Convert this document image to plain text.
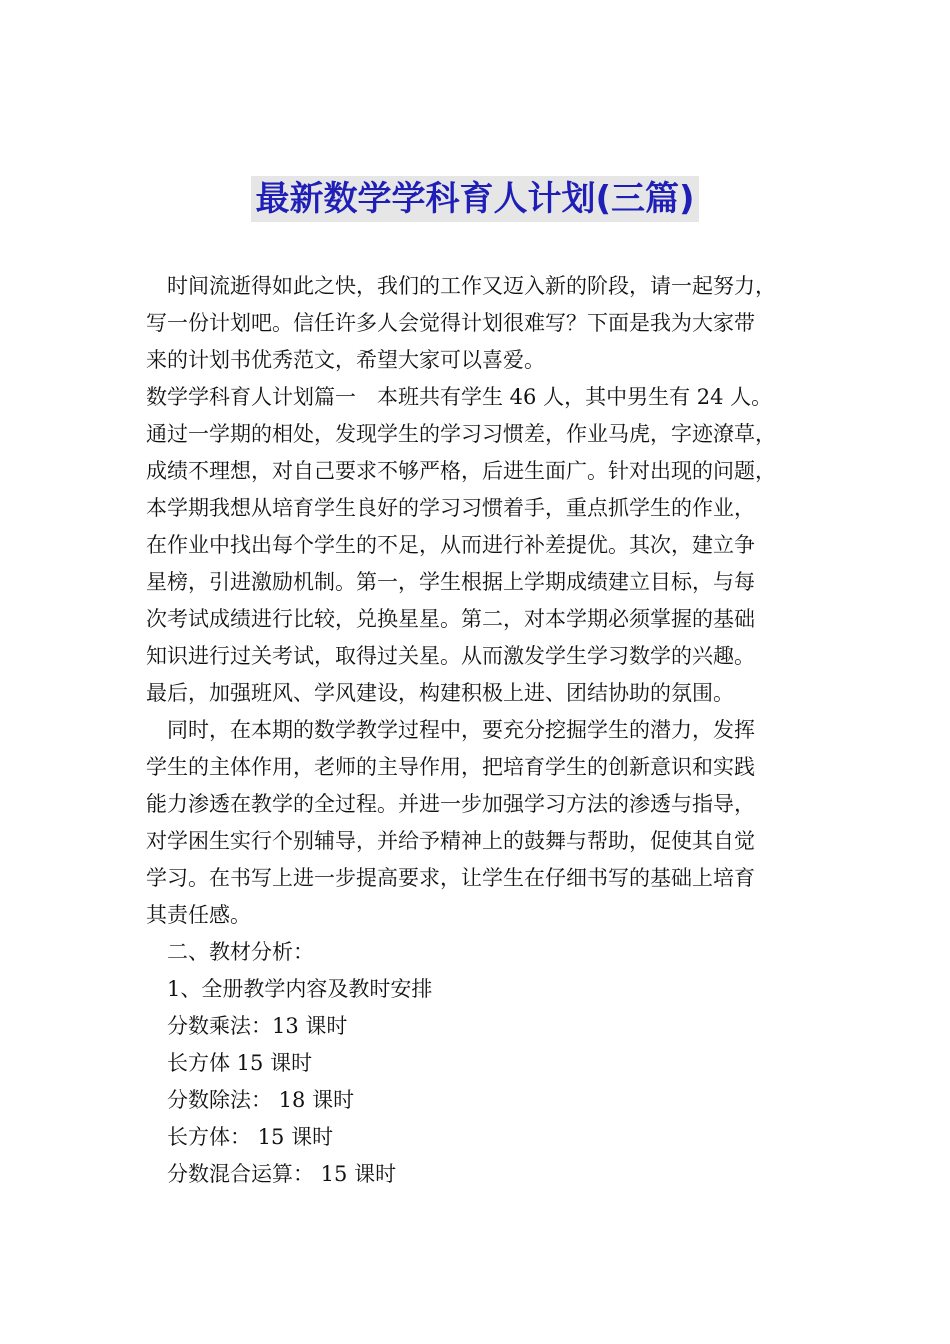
最新数学学科育人计划(三篇)
时间流逝得如此之快，我们的工作又迈入新的阶段，请一起努力，
写一份计划吧。信任许多人会觉得计划很难写？下面是我为大家带
来的计划书优秀范文，希望大家可以喜爱。
数学学科育人计划篇一　本班共有学生 46 人，其中男生有 24 人。
通过一学期的相处，发现学生的学习习惯差，作业马虎，字迹潦草，
成绩不理想，对自己要求不够严格，后进生面广。针对出现的问题，
本学期我想从培育学生良好的学习习惯着手，重点抓学生的作业，
在作业中找出每个学生的不足，从而进行补差提优。其次，建立争
星榜，引进激励机制。第一，学生根据上学期成绩建立目标，与每
次考试成绩进行比较，兑换星星。第二，对本学期必须掌握的基础
知识进行过关考试，取得过关星。从而激发学生学习数学的兴趣。
最后，加强班风、学风建设，构建积极上进、团结协助的氛围。
同时，在本期的数学教学过程中，要充分挖掘学生的潜力，发挥
学生的主体作用，老师的主导作用，把培育学生的创新意识和实践
能力渗透在教学的全过程。并进一步加强学习方法的渗透与指导，
对学困生实行个别辅导，并给予精神上的鼓舞与帮助，促使其自觉
学习。在书写上进一步提高要求，让学生在仔细书写的基础上培育
其责任感。
二、教材分析：
1、全册教学内容及教时安排
分数乘法：13 课时
长方体 15 课时
分数除法： 18 课时
长方体： 15 课时
分数混合运算： 15 课时
